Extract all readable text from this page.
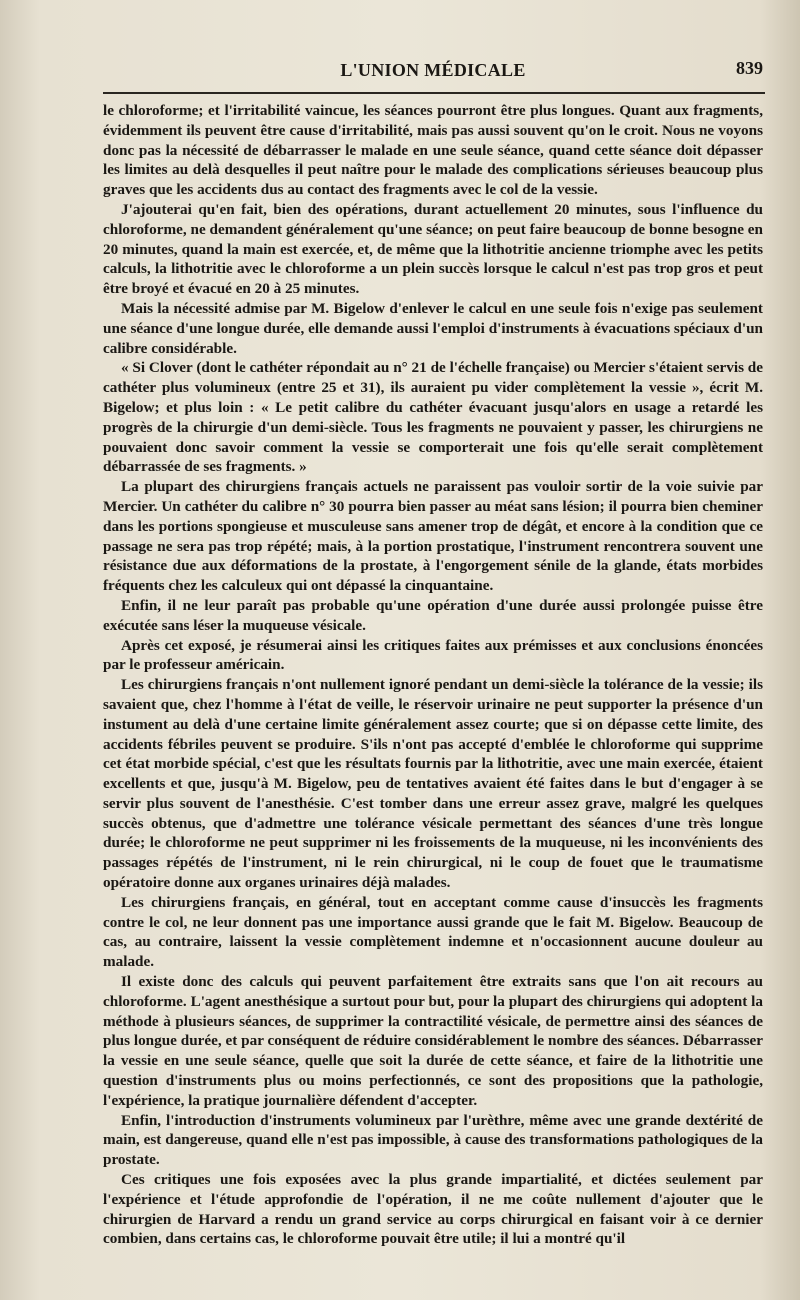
L'UNION MÉDICALE	839

le chloroforme; et l'irritabilité vaincue, les séances pourront être plus longues. Quant aux fragments, évidemment ils peuvent être cause d'irritabilité, mais pas aussi souvent qu'on le croit. Nous ne voyons donc pas la nécessité de débarrasser le malade en une seule séance, quand cette séance doit dépasser les limites au delà desquelles il peut naître pour le malade des complications sérieuses beaucoup plus graves que les accidents dus au contact des fragments avec le col de la vessie.

J'ajouterai qu'en fait, bien des opérations, durant actuellement 20 minutes, sous l'influence du chloroforme, ne demandent généralement qu'une séance; on peut faire beaucoup de bonne besogne en 20 minutes, quand la main est exercée, et, de même que la lithotritie ancienne triomphe avec les petits calculs, la lithotritie avec le chloroforme a un plein succès lorsque le calcul n'est pas trop gros et peut être broyé et évacué en 20 à 25 minutes.

Mais la nécessité admise par M. Bigelow d'enlever le calcul en une seule fois n'exige pas seulement une séance d'une longue durée, elle demande aussi l'emploi d'instruments à évacuations spéciaux d'un calibre considérable.

« Si Clover (dont le cathéter répondait au n° 21 de l'échelle française) ou Mercier s'étaient servis de cathéter plus volumineux (entre 25 et 31), ils auraient pu vider complètement la vessie », écrit M. Bigelow; et plus loin : « Le petit calibre du cathéter évacuant jusqu'alors en usage a retardé les progrès de la chirurgie d'un demi-siècle. Tous les fragments ne pouvaient y passer, les chirurgiens ne pouvaient donc savoir comment la vessie se comporterait une fois qu'elle serait complètement débarrassée de ses fragments. »

La plupart des chirurgiens français actuels ne paraissent pas vouloir sortir de la voie suivie par Mercier. Un cathéter du calibre n° 30 pourra bien passer au méat sans lésion; il pourra bien cheminer dans les portions spongieuse et musculeuse sans amener trop de dégât, et encore à la condition que ce passage ne sera pas trop répété; mais, à la portion prostatique, l'instrument rencontrera souvent une résistance due aux déformations de la prostate, à l'engorgement sénile de la glande, états morbides fréquents chez les calculeux qui ont dépassé la cinquantaine.

Enfin, il ne leur paraît pas probable qu'une opération d'une durée aussi prolongée puisse être exécutée sans léser la muqueuse vésicale.

Après cet exposé, je résumerai ainsi les critiques faites aux prémisses et aux conclusions énoncées par le professeur américain.

Les chirurgiens français n'ont nullement ignoré pendant un demi-siècle la tolérance de la vessie; ils savaient que, chez l'homme à l'état de veille, le réservoir urinaire ne peut supporter la présence d'un instument au delà d'une certaine limite généralement assez courte; que si on dépasse cette limite, des accidents fébriles peuvent se produire. S'ils n'ont pas accepté d'emblée le chloroforme qui supprime cet état morbide spécial, c'est que les résultats fournis par la lithotritie, avec une main exercée, étaient excellents et que, jusqu'à M. Bigelow, peu de tentatives avaient été faites dans le but d'engager à se servir plus souvent de l'anesthésie. C'est tomber dans une erreur assez grave, malgré les quelques succès obtenus, que d'admettre une tolérance vésicale permettant des séances d'une très longue durée; le chloroforme ne peut supprimer ni les froissements de la muqueuse, ni les inconvénients des passages répétés de l'instrument, ni le rein chirurgical, ni le coup de fouet que le traumatisme opératoire donne aux organes urinaires déjà malades.

Les chirurgiens français, en général, tout en acceptant comme cause d'insuccès les fragments contre le col, ne leur donnent pas une importance aussi grande que le fait M. Bigelow. Beaucoup de cas, au contraire, laissent la vessie complètement indemne et n'occasionnent aucune douleur au malade.

Il existe donc des calculs qui peuvent parfaitement être extraits sans que l'on ait recours au chloroforme. L'agent anesthésique a surtout pour but, pour la plupart des chirurgiens qui adoptent la méthode à plusieurs séances, de supprimer la contractilité vésicale, de permettre ainsi des séances de plus longue durée, et par conséquent de réduire considérablement le nombre des séances. Débarrasser la vessie en une seule séance, quelle que soit la durée de cette séance, et faire de la lithotritie une question d'instruments plus ou moins perfectionnés, ce sont des propositions que la pathologie, l'expérience, la pratique journalière défendent d'accepter.

Enfin, l'introduction d'instruments volumineux par l'urèthre, même avec une grande dextérité de main, est dangereuse, quand elle n'est pas impossible, à cause des transformations pathologiques de la prostate.

Ces critiques une fois exposées avec la plus grande impartialité, et dictées seulement par l'expérience et l'étude approfondie de l'opération, il ne me coûte nullement d'ajouter que le chirurgien de Harvard a rendu un grand service au corps chirurgical en faisant voir à ce dernier combien, dans certains cas, le chloroforme pouvait être utile; il lui a montré qu'il
